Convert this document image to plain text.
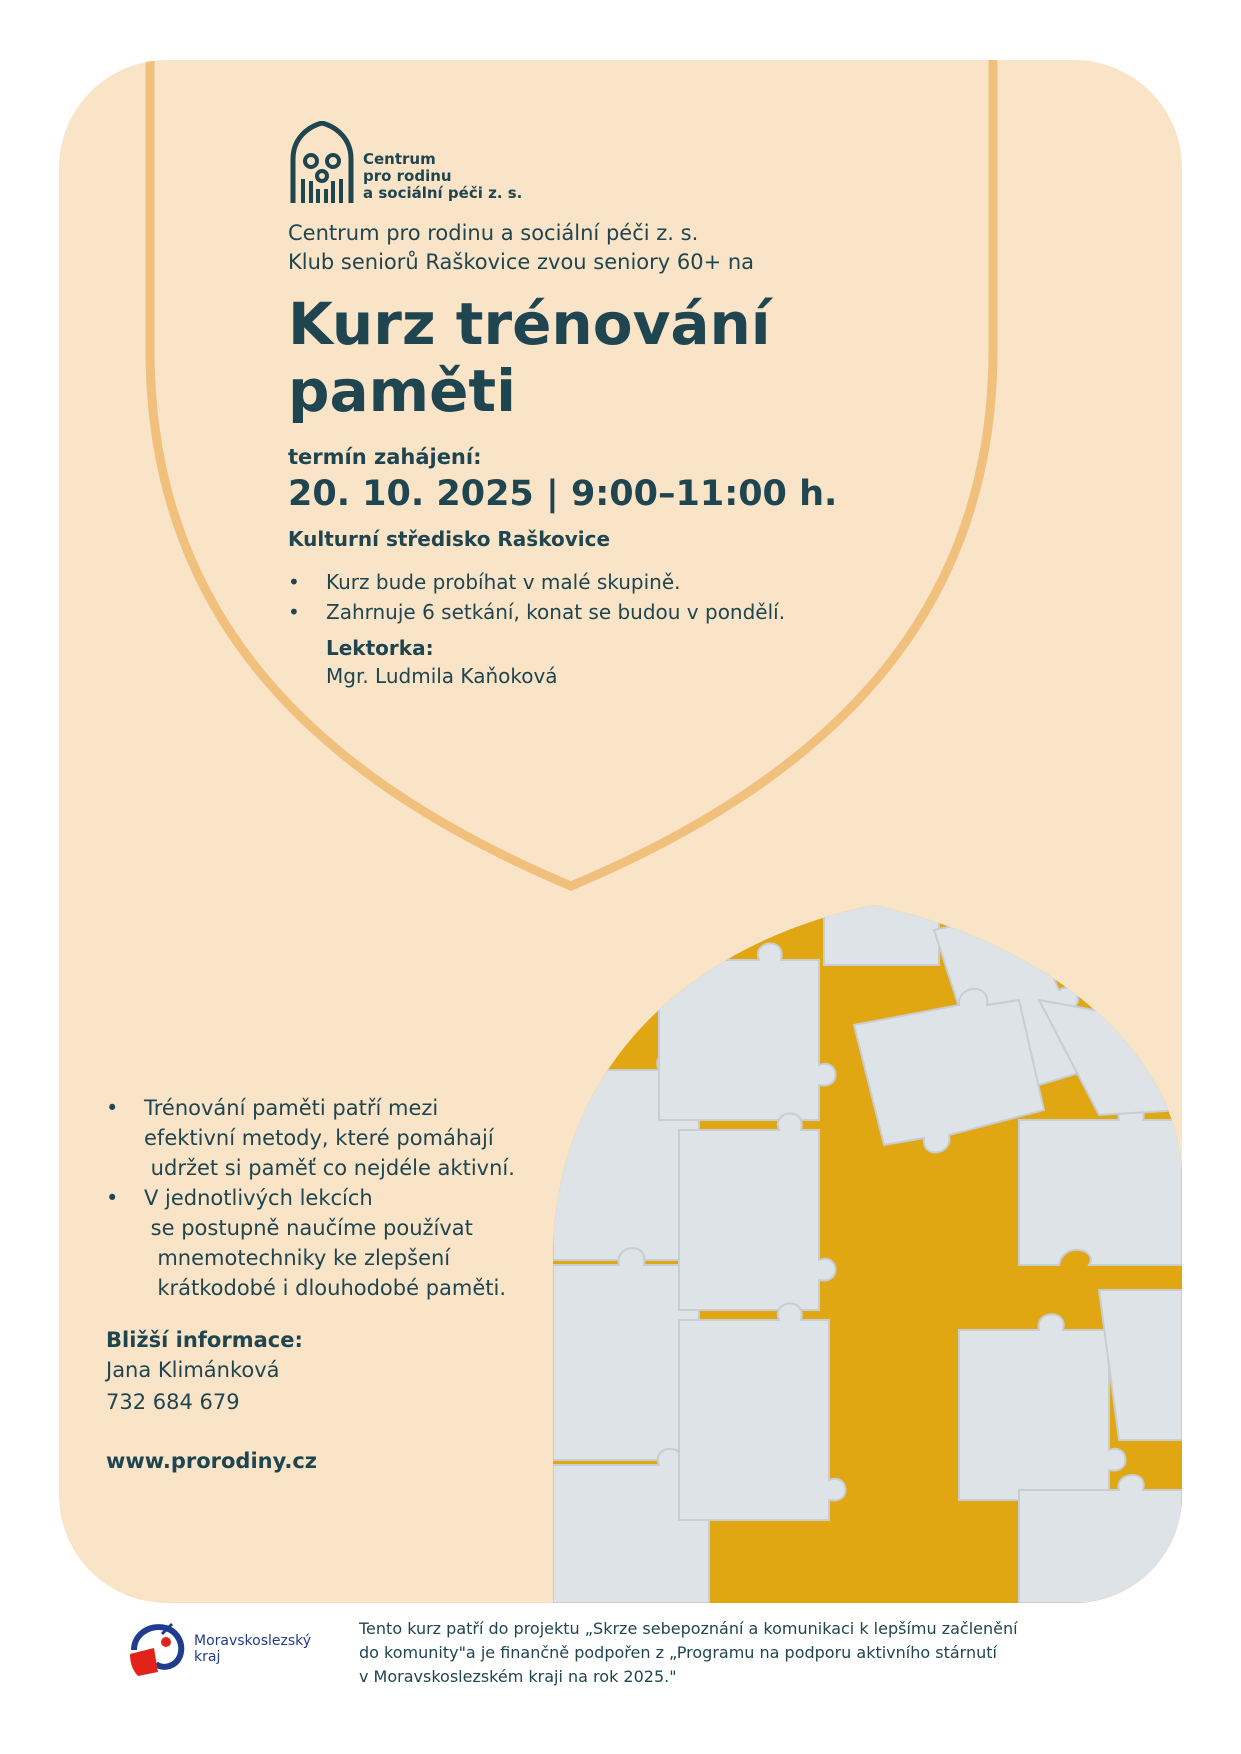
Centrum
pro rodinu
a sociální péči z. s.
Centrum pro rodinu a sociální péči z. s.
Klub seniorů Raškovice zvou seniory 60+ na
Kurz trénování
paměti
termín zahájení:
20. 10. 2025 | 9:00–11:00 h.
Kulturní středisko Raškovice
• Kurz bude probíhat v malé skupině.
• Zahrnuje 6 setkání, konat se budou v pondělí.
Lektorka:
Mgr. Ludmila Kaňoková
• Trénování paměti patří mezi
efektivní metody, které pomáhají
udržet si paměť co nejdéle aktivní.
• V jednotlivých lekcích
se postupně naučíme používat
mnemotechniky ke zlepšení
krátkodobé i dlouhodobé paměti.
Bližší informace:
Jana Klimánková
732 684 679
www.prorodiny.cz
Moravskoslezský
kraj
Tento kurz patří do projektu „Skrze sebepoznání a komunikaci k lepšímu začlenění
do komunity"a je finančně podpořen z „Programu na podporu aktivního stárnutí
v Moravskoslezském kraji na rok 2025."
